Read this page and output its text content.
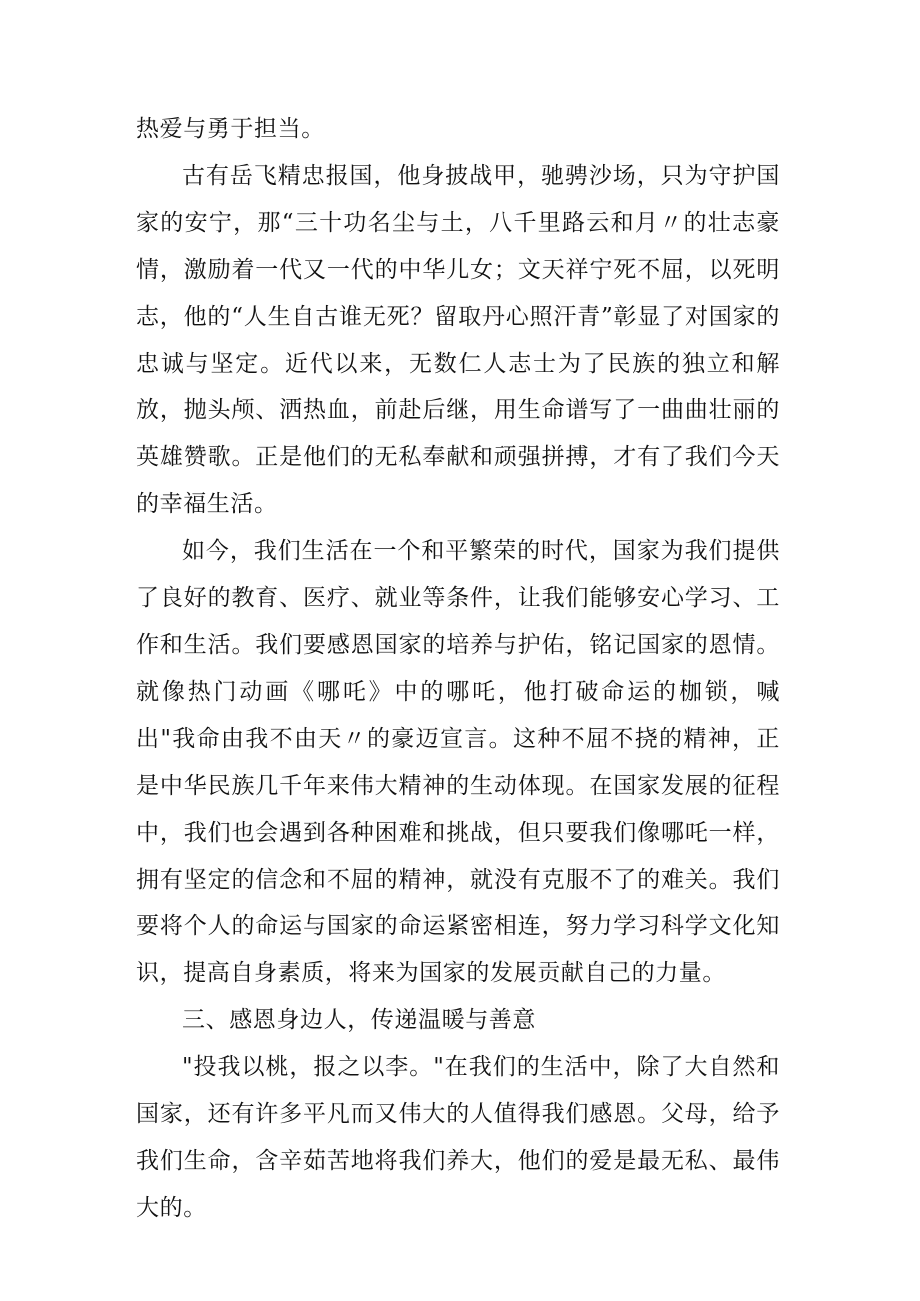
热爱与勇于担当。

古有岳飞精忠报国，他身披战甲，驰骋沙场，只为守护国家的安宁，那“三十功名尘与土，八千里路云和月〃的壮志豪情，激励着一代又一代的中华儿女；文天祥宁死不屈，以死明志，他的“人生自古谁无死？留取丹心照汗青”彰显了对国家的忠诚与坚定。近代以来，无数仁人志士为了民族的独立和解放，抛头颅、洒热血，前赴后继，用生命谱写了一曲曲壮丽的英雄赞歌。正是他们的无私奉献和顽强拼搏，才有了我们今天的幸福生活。

如今，我们生活在一个和平繁荣的时代，国家为我们提供了良好的教育、医疗、就业等条件，让我们能够安心学习、工作和生活。我们要感恩国家的培养与护佑，铭记国家的恩情。就像热门动画《哪吒》中的哪吒，他打破命运的枷锁，喊出"我命由我不由天〃的豪迈宣言。这种不屈不挠的精神，正是中华民族几千年来伟大精神的生动体现。在国家发展的征程中，我们也会遇到各种困难和挑战，但只要我们像哪吒一样，拥有坚定的信念和不屈的精神，就没有克服不了的难关。我们要将个人的命运与国家的命运紧密相连，努力学习科学文化知识，提高自身素质，将来为国家的发展贡献自己的力量。

三、感恩身边人，传递温暖与善意

"投我以桃，报之以李。"在我们的生活中，除了大自然和国家，还有许多平凡而又伟大的人值得我们感恩。父母，给予我们生命，含辛茹苦地将我们养大，他们的爱是最无私、最伟大的。
